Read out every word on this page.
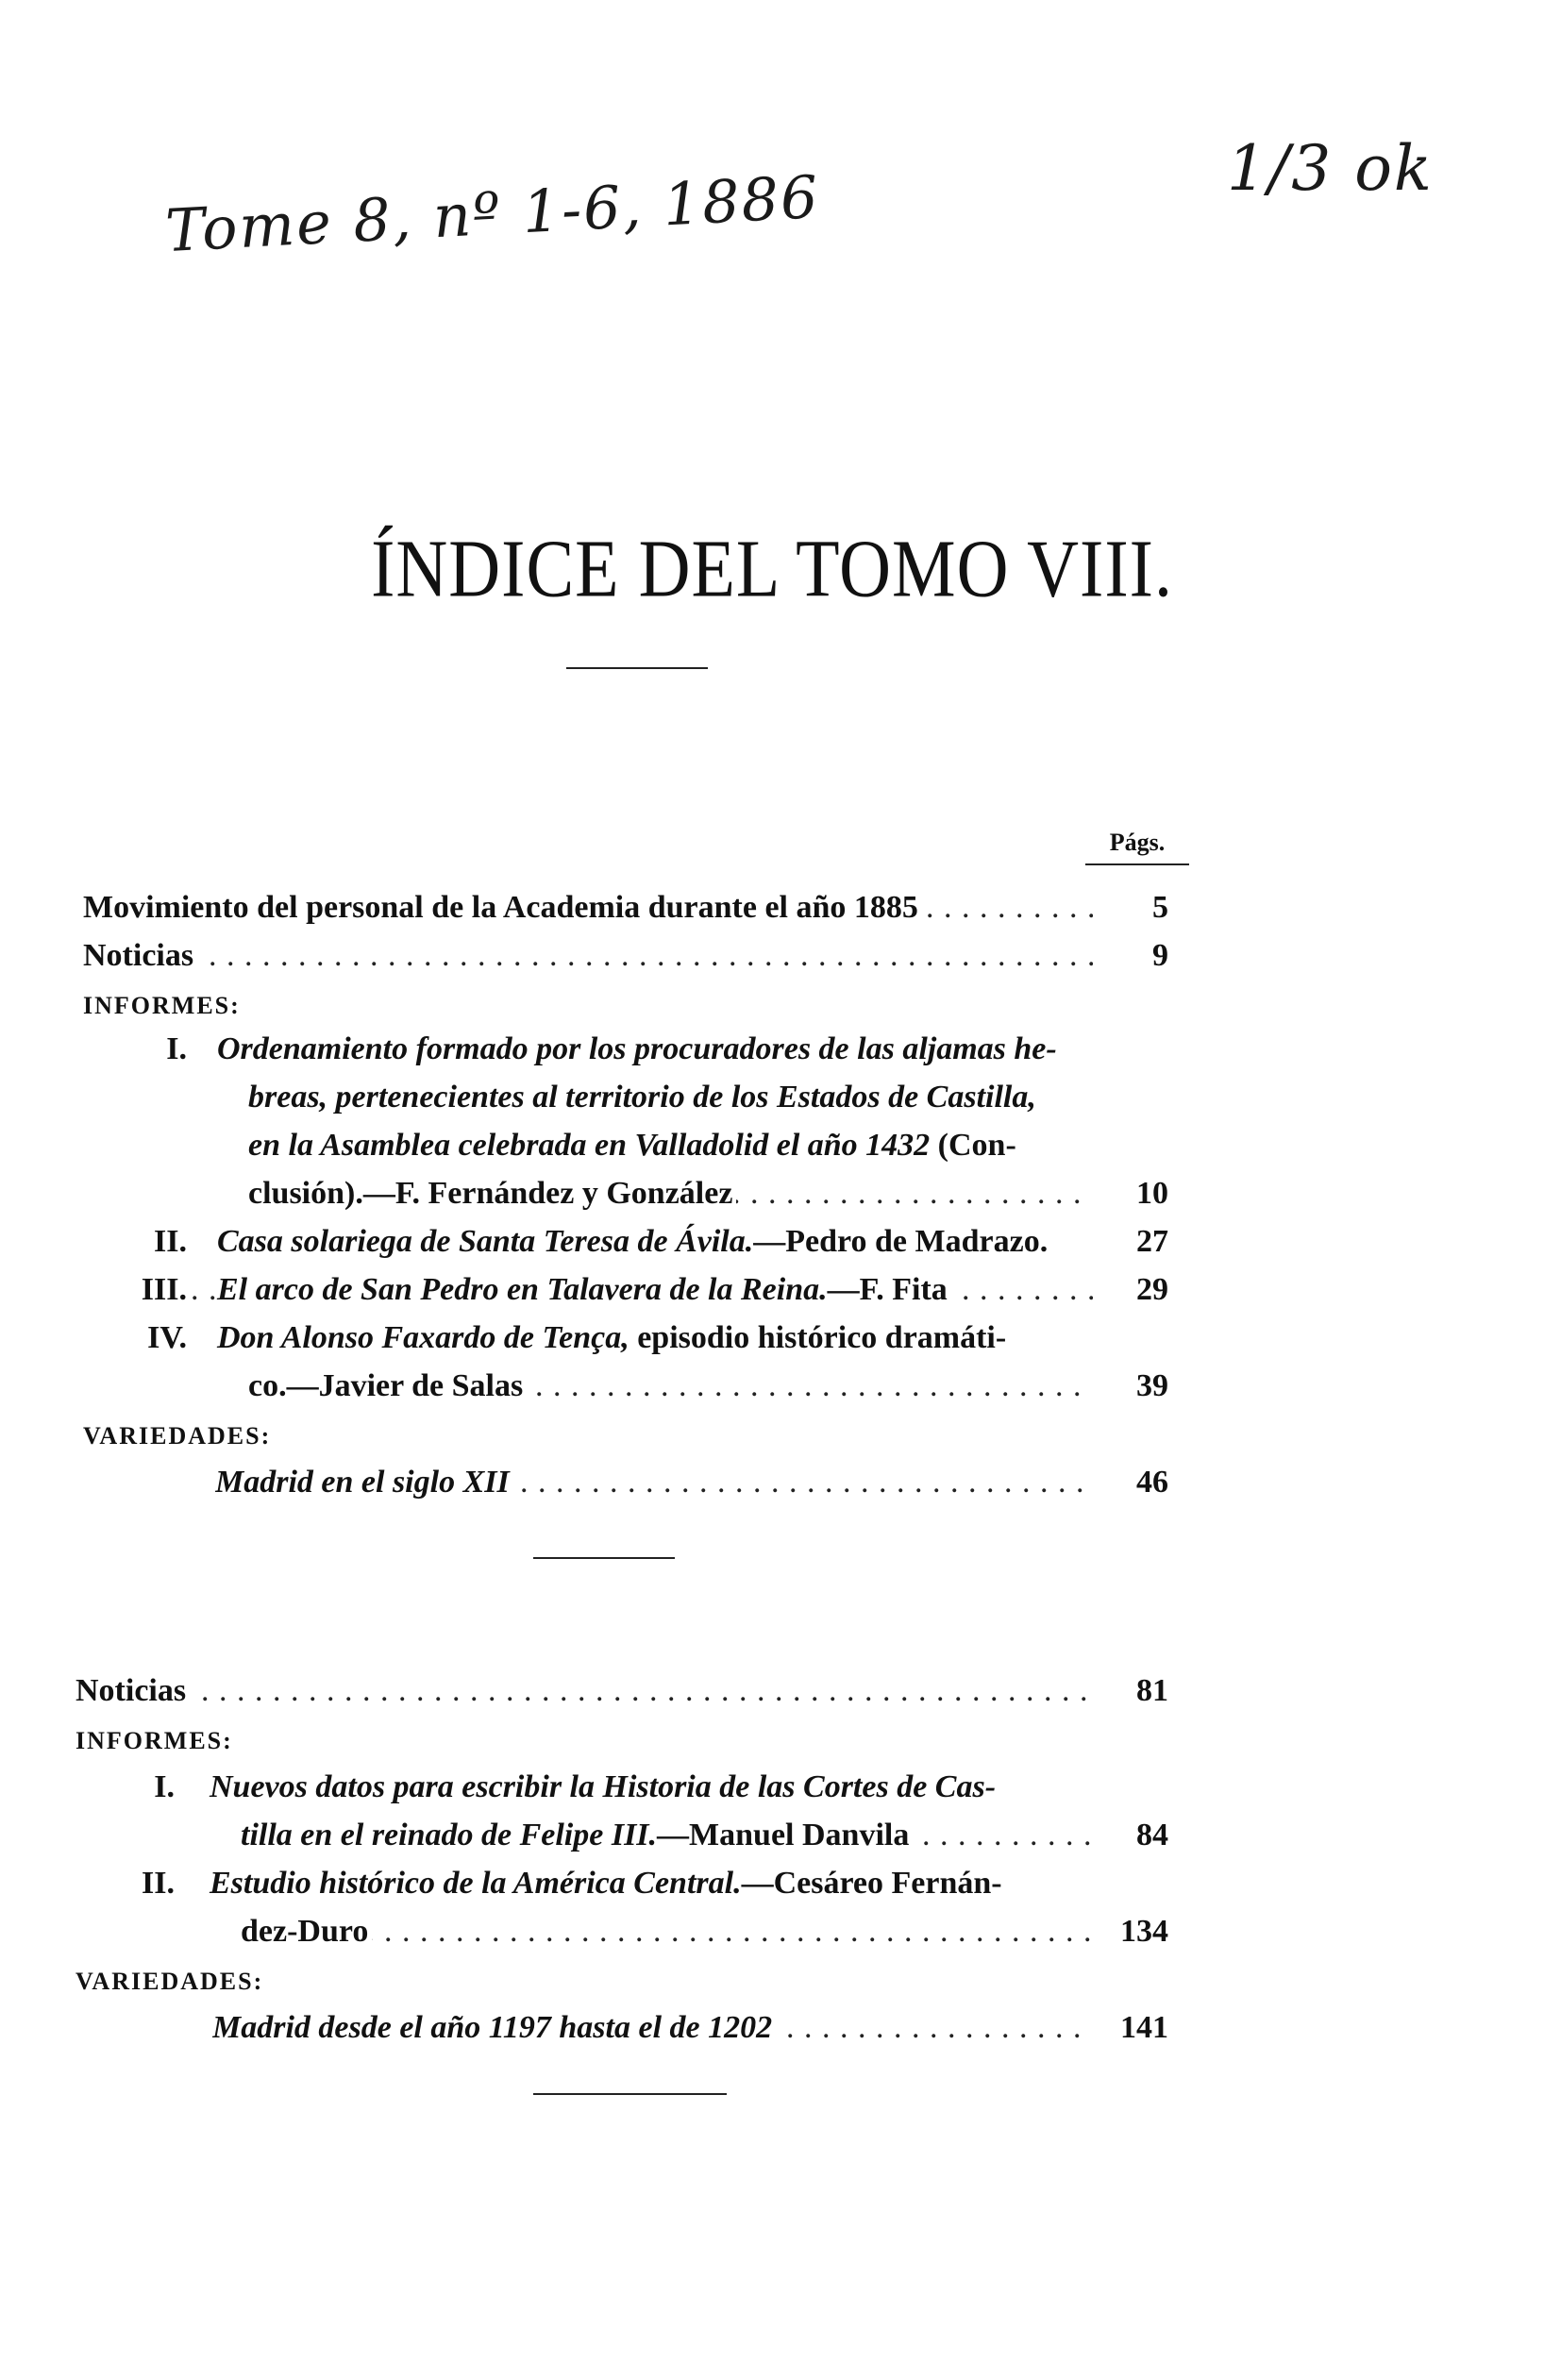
Tome 8, nº 1-6, 1886	1/3 ok
ÍNDICE DEL TOMO VIII.
Págs.
Movimiento del personal de la Academia durante el año 1885	5
. . .
Noticias	9
. . .
INFORMES:
I. Ordenamiento formado por los procuradores de las aljamas he-
breas, pertenecientes al territorio de los Estados de Castilla,
en la Asamblea celebrada en Valladolid el año 1432 (Con-
clusión).—F. Fernández y González	10
. . .
II. Casa solariega de Santa Teresa de Ávila.—Pedro de Madrazo.	27
III. El arco de San Pedro en Talavera de la Reina.—F. Fita	29
. . .
IV. Don Alonso Faxardo de Tença, episodio histórico dramáti-
co.—Javier de Salas	39
. . .
VARIEDADES:
Madrid en el siglo XII	46
. . .
Noticias	81
. . .
INFORMES:
I. Nuevos datos para escribir la Historia de las Cortes de Cas-
tilla en el reinado de Felipe III.—Manuel Danvila	84
. . .
II. Estudio histórico de la América Central.—Cesáreo Fernán-
dez-Duro	134
. . .
VARIEDADES:
Madrid desde el año 1197 hasta el de 1202	141
. . .
